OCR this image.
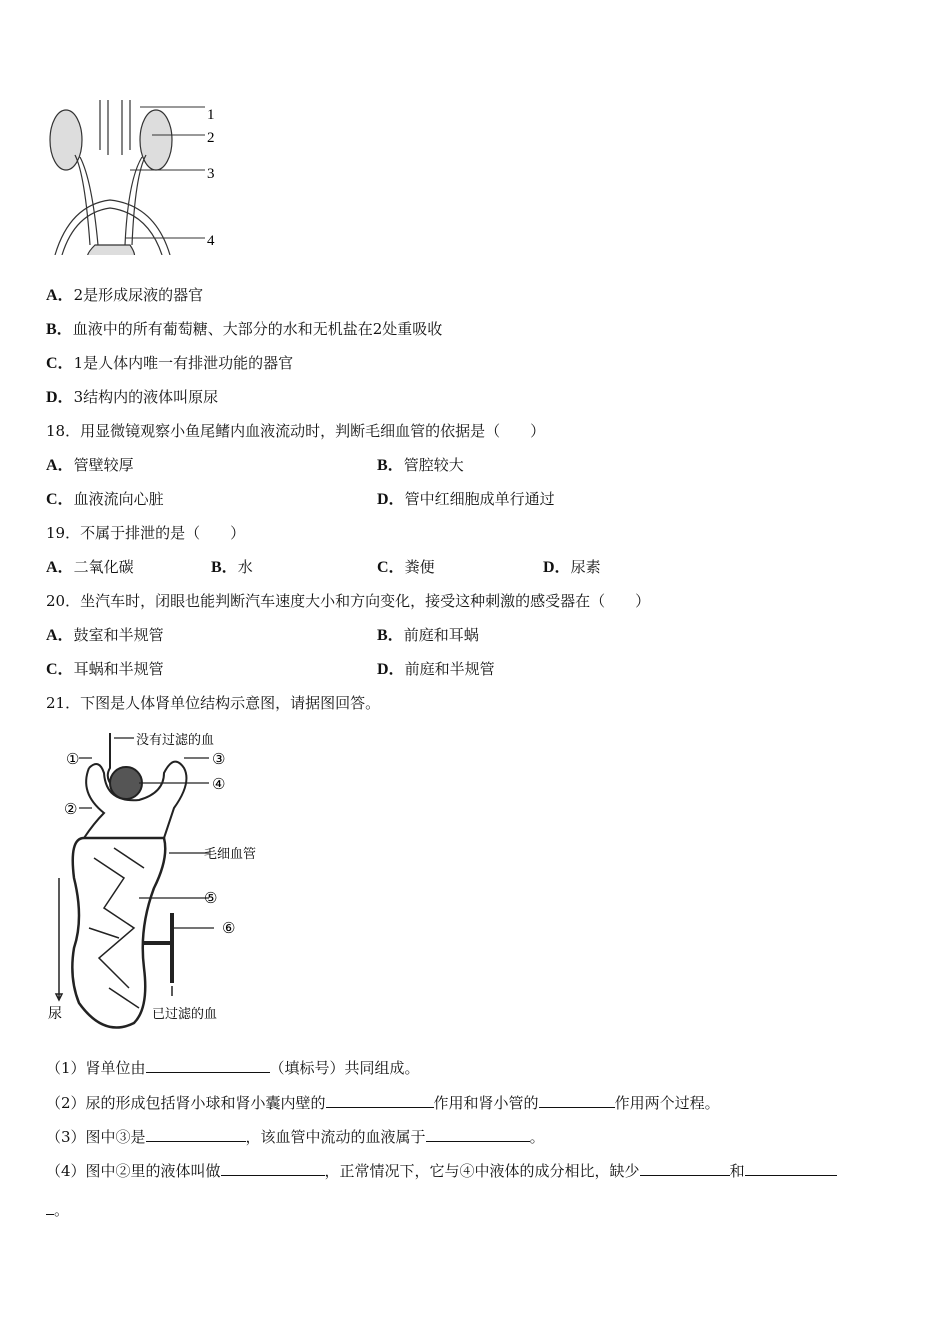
1
2
3
4
A．2是形成尿液的器官
B．血液中的所有葡萄糖、大部分的水和无机盐在2处重吸收
C．1是人体内唯一有排泄功能的器官
D．3结构内的液体叫原尿
18．用显微镜观察小鱼尾鳍内血液流动时，判断毛细血管的依据是（　　）
A．管壁较厚	B．管腔较大
C．血液流向心脏	D．管中红细胞成单行通过
19．不属于排泄的是（　　）
A．二氧化碳	B．水	C．粪便	D．尿素
20．坐汽车时，闭眼也能判断汽车速度大小和方向变化，接受这种刺激的感受器在（　　）
A．鼓室和半规管	B．前庭和耳蜗
C．耳蜗和半规管	D．前庭和半规管
21．下图是人体肾单位结构示意图，请据图回答。
没有过滤的血
①
②
③
④
毛细血管
⑤
⑥
尿	已过滤的血
（1）肾单位由	（填标号）共同组成。
（2）尿的形成包括肾小球和肾小囊内壁的	作用和肾小管的	作用两个过程。
（3）图中③是	，该血管中流动的血液属于	。
（4）图中②里的液体叫做	，正常情况下，它与④中液体的成分相比，缺少	和
。
